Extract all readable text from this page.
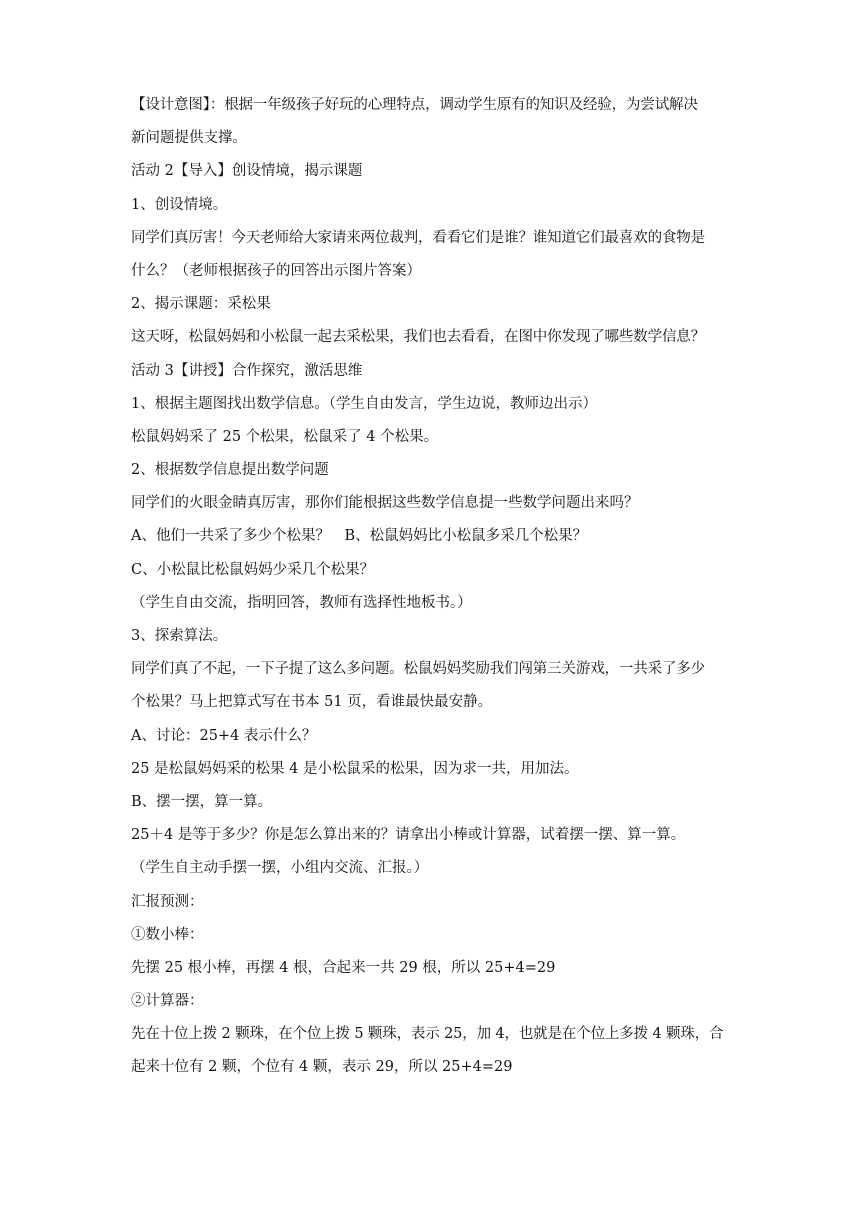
【设计意图】：根据一年级孩子好玩的心理特点，调动学生原有的知识及经验，为尝试解决
新问题提供支撑。
活动 2【导入】创设情境，揭示课题
1、创设情境。
同学们真厉害！今天老师给大家请来两位裁判，看看它们是谁？谁知道它们最喜欢的食物是
什么？（老师根据孩子的回答出示图片答案）
2、揭示课题：采松果
这天呀，松鼠妈妈和小松鼠一起去采松果，我们也去看看，在图中你发现了哪些数学信息？
活动 3【讲授】合作探究，激活思维
1、根据主题图找出数学信息。（学生自由发言，学生边说，教师边出示）
松鼠妈妈采了 25 个松果，松鼠采了 4 个松果。
2、根据数学信息提出数学问题
同学们的火眼金睛真厉害，那你们能根据这些数学信息提一些数学问题出来吗？
A、他们一共采了多少个松果？　B、松鼠妈妈比小松鼠多采几个松果？
C、小松鼠比松鼠妈妈少采几个松果？
（学生自由交流，指明回答，教师有选择性地板书。）
3、探索算法。
同学们真了不起，一下子提了这么多问题。松鼠妈妈奖励我们闯第三关游戏，一共采了多少
个松果？马上把算式写在书本 51 页，看谁最快最安静。
A、讨论：25+4 表示什么？
25 是松鼠妈妈采的松果 4 是小松鼠采的松果，因为求一共，用加法。
B、摆一摆，算一算。
25＋4 是等于多少？你是怎么算出来的？请拿出小棒或计算器，试着摆一摆、算一算。
（学生自主动手摆一摆，小组内交流、汇报。）
汇报预测：
①数小棒：
先摆 25 根小棒，再摆 4 根，合起来一共 29 根，所以 25+4=29
②计算器：
先在十位上拨 2 颗珠，在个位上拨 5 颗珠，表示 25，加 4，也就是在个位上多拨 4 颗珠，合
起来十位有 2 颗，个位有 4 颗，表示 29，所以 25+4=29
